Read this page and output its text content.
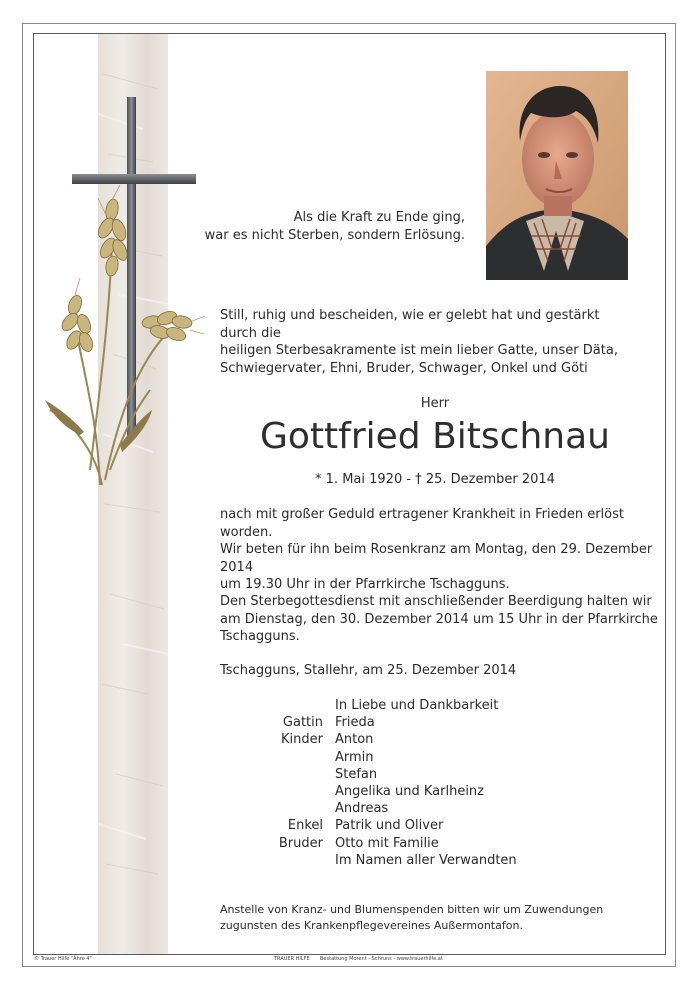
Als die Kraft zu Ende ging,
war es nicht Sterben, sondern Erlösung.
Still, ruhig und bescheiden, wie er gelebt hat und gestärkt durch die
heiligen Sterbesakramente ist mein lieber Gatte, unser Däta,
Schwiegervater, Ehni, Bruder, Schwager, Onkel und Göti
Herr
Gottfried Bitschnau
* 1. Mai 1920 - † 25. Dezember 2014
nach mit großer Geduld ertragener Krankheit in Frieden erlöst worden.
Wir beten für ihn beim Rosenkranz am Montag, den 29. Dezember 2014
um 19.30 Uhr in der Pfarrkirche Tschagguns.
Den Sterbegottesdienst mit anschließender Beerdigung halten wir
am Dienstag, den 30. Dezember 2014 um 15 Uhr in der Pfarrkirche
Tschagguns.
Tschagguns, Stallehr, am 25. Dezember 2014
In Liebe und Dankbarkeit
Gattin Frieda
Kinder Anton
Armin
Stefan
Angelika und Karlheinz
Andreas
Enkel Patrik und Oliver
Bruder Otto mit Familie
Im Namen aller Verwandten
Anstelle von Kranz- und Blumenspenden bitten wir um Zuwendungen
zugunsten des Krankenpflegevereines Außermontafon.
© Trauer Hilfe "Ähre 4"	TRAUER HILFE Bestattung Morent - Schruns - www.trauerhilfe.at
